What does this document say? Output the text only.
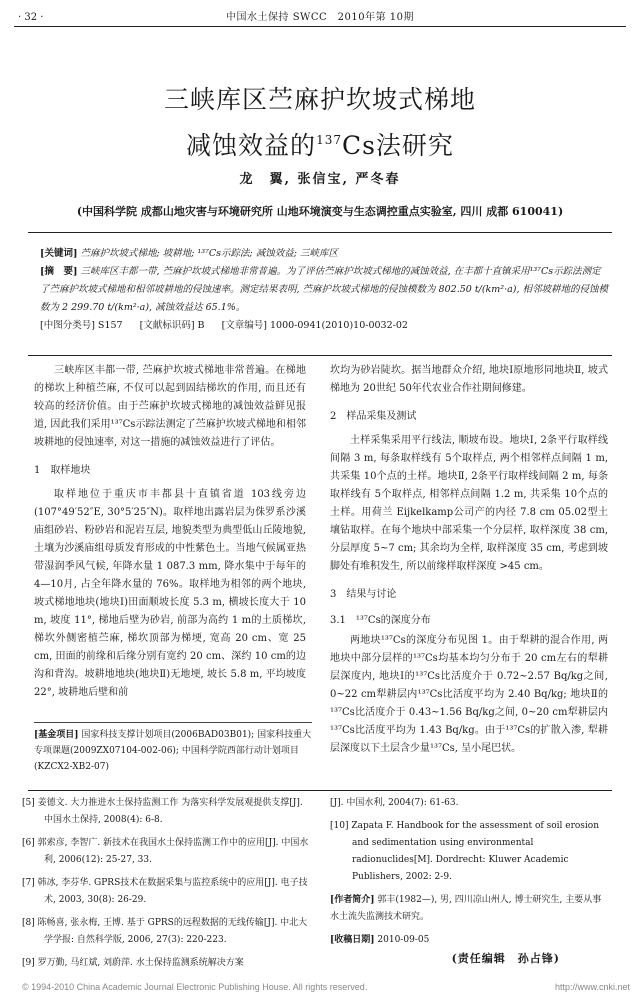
· 32 ·	中国水土保持 SWCC　2010年第 10期
三峡库区苎麻护坎坡式梯地
减蚀效益的$^{137}$Cs法研究
龙　翼, 张信宝, 严冬春
(中国科学院 成都山地灾害与环境研究所 山地环境演变与生态调控重点实验室, 四川 成都 610041)

[关键词] 苎麻护坎坡式梯地; 坡耕地; ¹³⁷Cs示踪法; 减蚀效益; 三峡库区

[摘　要] 三峡库区丰都一带, 苎麻护坎坡式梯地非常普遍。为了评估苎麻护坎坡式梯地的减蚀效益, 在丰都十直镇采用¹³⁷Cs示踪法测定了苎麻护坎坡式梯地和相邻坡耕地的侵蚀速率。测定结果表明, 苎麻护坎坡式梯地的侵蚀模数为 802.50 t/(km²·a), 相邻坡耕地的侵蚀模数为 2 299.70 t/(km²·a), 减蚀效益达 65.1%。

[中图分类号] S157 [文献标识码] B [文章编号] 1000-0941(2010)10-0032-02

三峡库区丰都一带, 苎麻护坎坡式梯地非常普遍。在梯地的梯坎上种植苎麻, 不仅可以起到固结梯坎的作用, 而且还有较高的经济价值。由于苎麻护坎坡式梯地的减蚀效益鲜见报道, 因此我们采用¹³⁷Cs示踪法测定了苎麻护坎坡式梯地和相邻坡耕地的侵蚀速率, 对这一措施的减蚀效益进行了评估。

1　取样地块

取样地位于重庆市丰都县十直镇省道 103线旁边(107°49′52″E, 30°5′25″N)。取样地出露岩层为侏罗系沙溪庙组砂岩、粉砂岩和泥岩互层, 地貌类型为典型低山丘陵地貌, 土壤为沙溪庙组母质发育形成的中性紫色土。当地气候属亚热带湿润季风气候, 年降水量 1 087.3 mm, 降水集中于每年的 4—10月, 占全年降水量的 76%。取样地为相邻的两个地块, 坡式梯地地块(地块Ⅰ)田面顺坡长度 5.3 m, 横坡长度大于 10 m, 坡度 11°, 梯地后壁为砂岩, 前部为高约 1 m的土质梯坎, 梯坎外侧密植苎麻, 梯坎顶部为梯埂, 宽高 20 cm、宽 25 cm, 田面的前缘和后缘分别有宽约 20 cm、深约 10 cm的边沟和背沟。坡耕地地块(地块Ⅱ)无地埂, 坡长 5.8 m, 平均坡度 22°, 坡耕地后壁和前

坎均为砂岩陡坎。据当地群众介绍, 地块Ⅰ原地形同地块Ⅱ, 坡式梯地为 20世纪 50年代农业合作社期间修建。

2　样品采集及测试

土样采集采用平行线法, 顺坡布设。地块Ⅰ, 2条平行取样线间隔 3 m, 每条取样线有 5个取样点, 两个相邻样点间隔 1 m, 共采集 10个点的土样。地块Ⅱ, 2条平行取样线间隔 2 m, 每条取样线有 5个取样点, 相邻样点间隔 1.2 m, 共采集 10个点的土样。用荷兰 Eijkelkamp公司产的内径 7.8 cm 05.02型土壤钻取样。在每个地块中部采集一个分层样, 取样深度 38 cm, 分层厚度 5~7 cm; 其余均为全样, 取样深度 35 cm, 考虑到坡脚处有堆积发生, 所以前缘样取样深度 >45 cm。

3　结果与讨论
3.1　¹³⁷Cs的深度分布

两地块¹³⁷Cs的深度分布见图 1。由于犁耕的混合作用, 两地块中部分层样的¹³⁷Cs均基本均匀分布于 20 cm左右的犁耕层深度内, 地块Ⅰ的¹³⁷Cs比活度介于 0.72~2.57 Bq/kg之间, 0~22 cm犁耕层内¹³⁷Cs比活度平均为 2.40 Bq/kg; 地块Ⅱ的¹³⁷Cs比活度介于 0.43~1.56 Bq/kg之间, 0~20 cm犁耕层内¹³⁷Cs比活度平均为 1.43 Bq/kg。由于¹³⁷Cs的扩散入渗, 犁耕层深度以下土层含少量¹³⁷Cs, 呈小尾巴状。

[基金项目] 国家科技支撑计划项目(2006BAD03B01); 国家科技重大专项课题(2009ZX07104-002-06); 中国科学院西部行动计划项目(KZCX2-XB2-07)
[5] 姜德文. 大力推进水土保持监测工作 为落实科学发展观提供支撑[J]. 中国水土保持, 2008(4): 6-8.
[6] 郭索彦, 李智广. 新技术在我国水土保持监测工作中的应用[J]. 中国水利, 2006(12): 25-27, 33.
[7] 韩冰, 李芬华. GPRS技术在数据采集与监控系统中的应用[J]. 电子技术, 2003, 30(8): 26-29.
[8] 陈畅喜, 张永梅, 王博. 基于 GPRS的远程数据的无线传输[J]. 中北大学学报: 自然科学版, 2006, 27(3): 220-223.
[9] 罗万勤, 马红斌, 刘蔚萍. 水土保持监测系统解决方案
[J]. 中国水利, 2004(7): 61-63.
[10] Zapata F. Handbook for the assessment of soil erosion and sedimentation using environmental radionuclides[M]. Dordrecht: Kluwer Academic Publishers, 2002: 2-9.
[作者简介] 郭丰(1982—), 男, 四川凉山州人, 博士研究生, 主要从事水土流失监测技术研究。
[收稿日期] 2010-09-05
(责任编辑　孙占锋)
© 1994-2010 China Academic Journal Electronic Publishing House. All rights reserved.	http://www.cnki.net
